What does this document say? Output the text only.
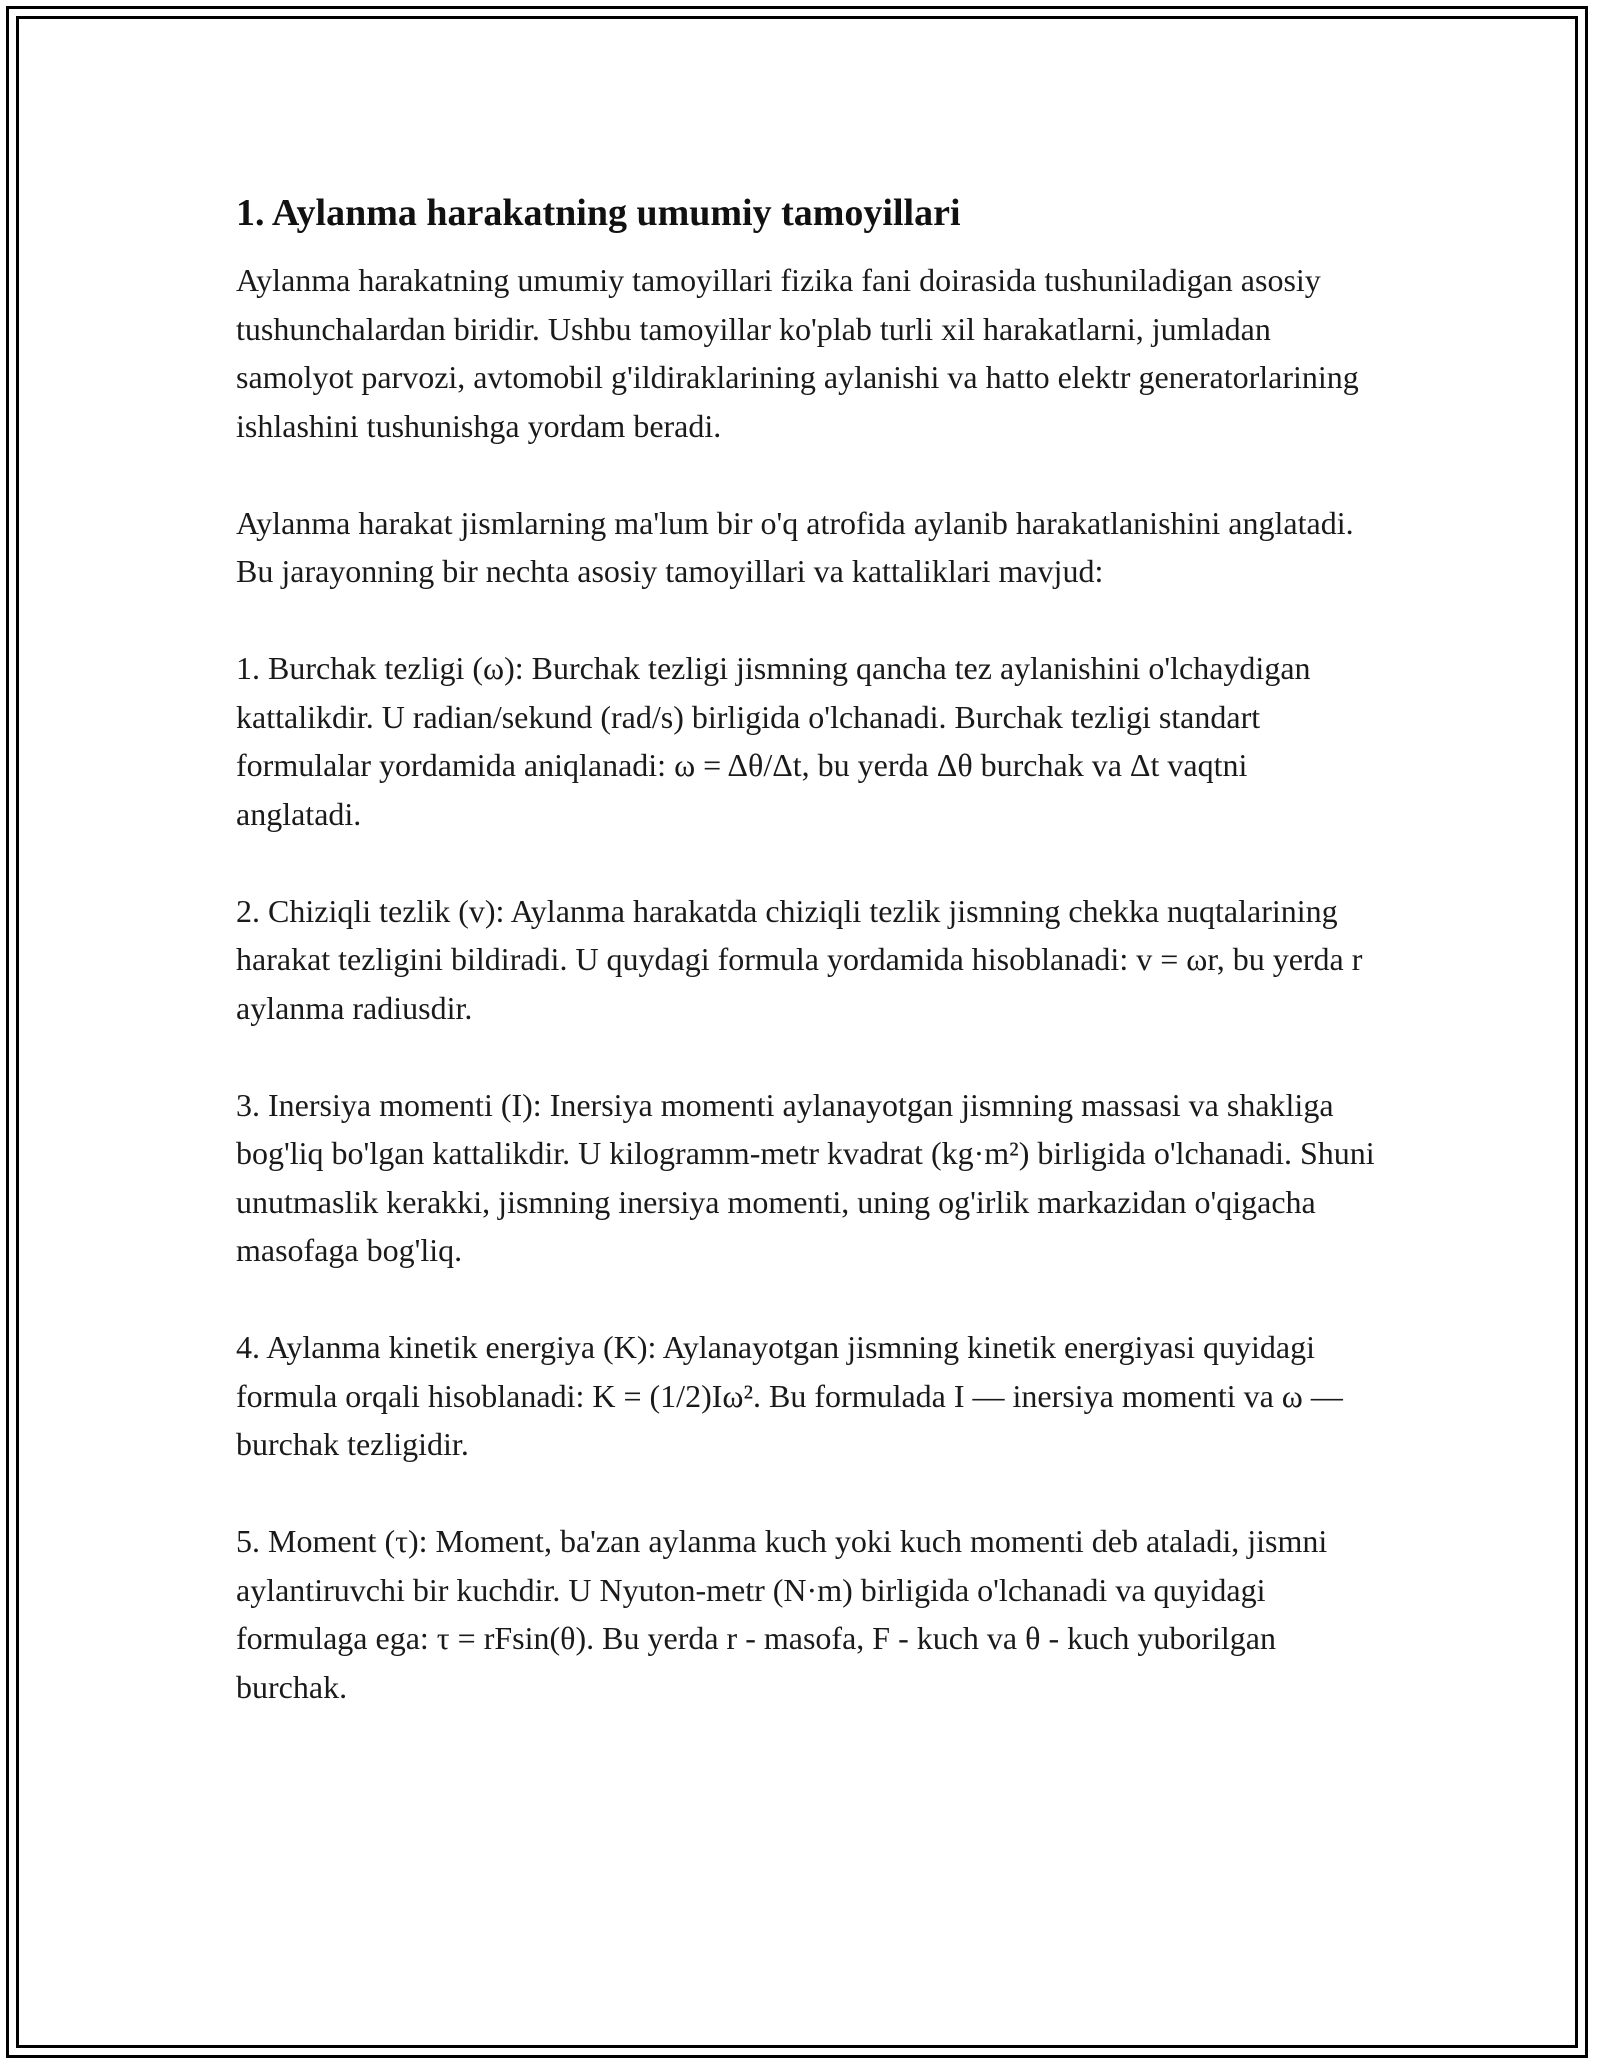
1. Aylanma harakatning umumiy tamoyillari

Aylanma harakatning umumiy tamoyillari fizika fani doirasida tushuniladigan asosiy tushunchalardan biridir. Ushbu tamoyillar ko'plab turli xil harakatlarni, jumladan samolyot parvozi, avtomobil g'ildiraklarining aylanishi va hatto elektr generatorlarining ishlashini tushunishga yordam beradi.

Aylanma harakat jismlarning ma'lum bir o'q atrofida aylanib harakatlanishini anglatadi. Bu jarayonning bir nechta asosiy tamoyillari va kattaliklari mavjud:

1. Burchak tezligi (ω): Burchak tezligi jismning qancha tez aylanishini o'lchaydigan kattalikdir. U radian/sekund (rad/s) birligida o'lchanadi. Burchak tezligi standart formulalar yordamida aniqlanadi: ω = Δθ/Δt, bu yerda Δθ burchak va Δt vaqtni anglatadi.

2. Chiziqli tezlik (v): Aylanma harakatda chiziqli tezlik jismning chekka nuqtalarining harakat tezligini bildiradi. U quydagi formula yordamida hisoblanadi: v = ωr, bu yerda r aylanma radiusdir.

3. Inersiya momenti (I): Inersiya momenti aylanayotgan jismning massasi va shakliga bog'liq bo'lgan kattalikdir. U kilogramm-metr kvadrat (kg·m²) birligida o'lchanadi. Shuni unutmaslik kerakki, jismning inersiya momenti, uning og'irlik markazidan o'qigacha masofaga bog'liq.

4. Aylanma kinetik energiya (K): Aylanayotgan jismning kinetik energiyasi quyidagi formula orqali hisoblanadi: K = (1/2)Iω². Bu formulada I — inersiya momenti va ω — burchak tezligidir.

5. Moment (τ): Moment, ba'zan aylanma kuch yoki kuch momenti deb ataladi, jismni aylantiruvchi bir kuchdir. U Nyuton-metr (N·m) birligida o'lchanadi va quyidagi formulaga ega: τ = rFsin(θ). Bu yerda r - masofa, F - kuch va θ - kuch yuborilgan burchak.
